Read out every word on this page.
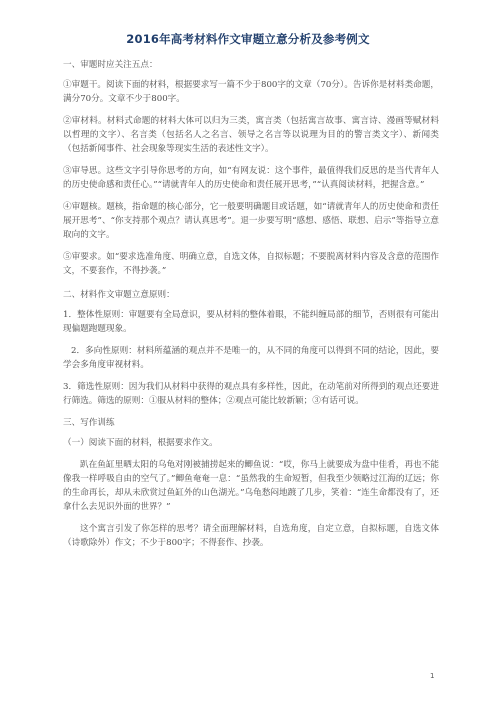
2016年高考材料作文审题立意分析及参考例文

一、审题时应关注五点：

①审题干。阅读下面的材料，根据要求写一篇不少于800字的文章（70分）。告诉你是材料类命题，满分70分。文章不少于800字。

②审材料。材料式命题的材料大体可以归为三类，寓言类（包括寓言故事、寓言诗、漫画等赋材料以哲理的文字）、名言类（包括名人之名言、领导之名言等以说理为目的的警言类文字）、新闻类（包括新闻事件、社会现象等现实生活的表述性文字）。

③审导思。这些文字引导你思考的方向，如“有网友说：这个事件，最值得我们反思的是当代青年人的历史使命感和责任心。”“请就青年人的历史使命和责任展开思考，”“认真阅读材料，把握含意。”

④审题核。题核，指命题的核心部分，它一般要明确题目或话题，如“请就青年人的历史使命和责任展开思考”、“你支持那个观点？请认真思考”。退一步要写明“感想、感悟、联想、启示”等指导立意取向的文字。

⑤审要求。如“要求选准角度、明确立意，自选文体，自拟标题；不要脱离材料内容及含意的范围作文，不要套作，不得抄袭。”

二、材料作文审题立意原则：

1．整体性原则：审题要有全局意识，要从材料的整体着眼，不能纠缠局部的细节，否则很有可能出现偏题跑题现象。

2．多向性原则：材料所蕴涵的观点并不是唯一的，从不同的角度可以得到不同的结论，因此，要学会多角度审视材料。

3．筛选性原则：因为我们从材料中获得的观点具有多样性，因此，在动笔前对所得到的观点还要进行筛选。筛选的原则：①服从材料的整体；②观点可能比较新颖；③有话可说。

三、写作训练

（一）阅读下面的材料，根据要求作文。

趴在鱼缸里晒太阳的乌龟对刚被捕捞起来的鲫鱼说：“哎，你马上就要成为盘中佳肴，再也不能像我一样呼吸自由的空气了。”鲫鱼奄奄一息：“虽然我的生命短暂，但我至少领略过江海的辽远；你的生命再长，却从未欣赏过鱼缸外的山色湖光。”乌龟愁闷地踱了几步，笑着：“连生命都没有了，还拿什么去见识外面的世界？”

这个寓言引发了你怎样的思考？请全面理解材料，自选角度，自定立意，自拟标题，自选文体（诗歌除外）作文；不少于800字；不得套作、抄袭。

1
